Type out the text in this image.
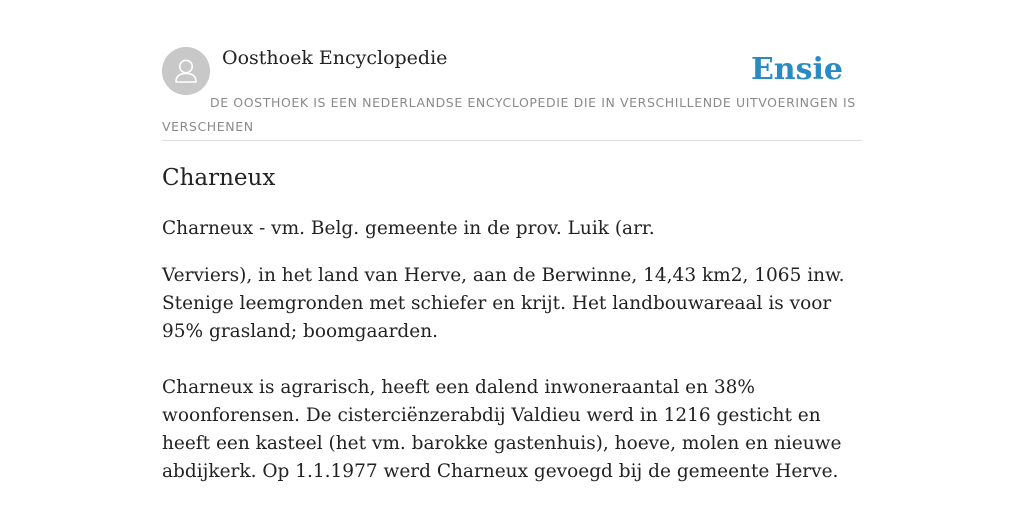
Oosthoek Encyclopedie	Ensie
DE OOSTHOEK IS EEN NEDERLANDSE ENCYCLOPEDIE DIE IN VERSCHILLENDE UITVOERINGEN IS VERSCHENEN
Charneux

Charneux - vm. Belg. gemeente in de prov. Luik (arr.

Verviers), in het land van Herve, aan de Berwinne, 14,43 km2, 1065 inw. Stenige leemgronden met schiefer en krijt. Het landbouwareaal is voor 95% grasland; boomgaarden.

Charneux is agrarisch, heeft een dalend inwoneraantal en 38% woonforensen. De cisterciënzerabdij Valdieu werd in 1216 gesticht en heeft een kasteel (het vm. barokke gastenhuis), hoeve, molen en nieuwe abdijkerk. Op 1.1.1977 werd Charneux gevoegd bij de gemeente Herve.
